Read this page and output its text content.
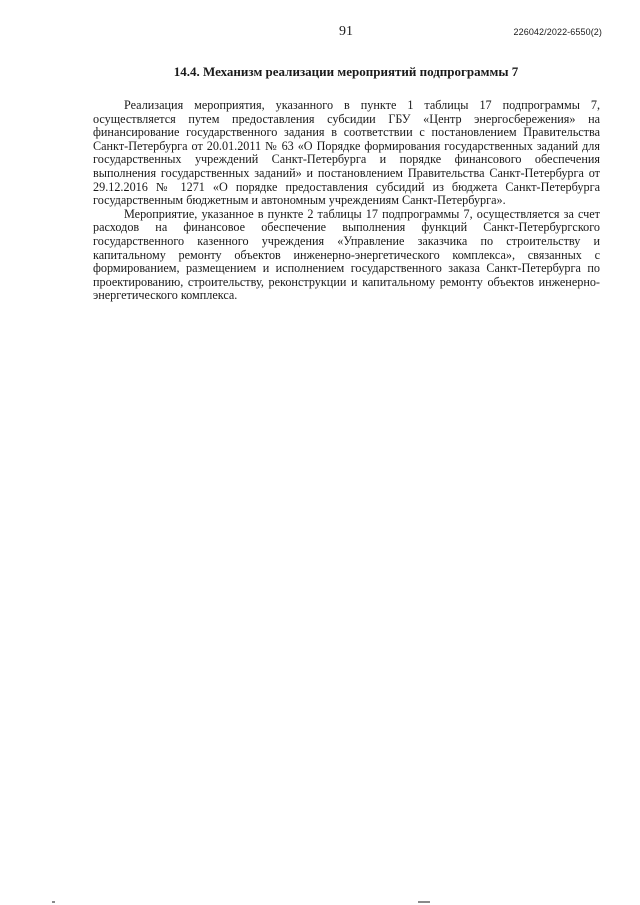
91	226042/2022-6550(2)
14.4. Механизм реализации мероприятий подпрограммы 7

Реализация мероприятия, указанного в пункте 1 таблицы 17 подпрограммы 7, осуществляется путем предоставления субсидии ГБУ «Центр энергосбережения» на финансирование государственного задания в соответствии с постановлением Правительства Санкт-Петербурга от 20.01.2011 № 63 «О Порядке формирования государственных заданий для государственных учреждений Санкт-Петербурга и порядке финансового обеспечения выполнения государственных заданий» и постановлением Правительства Санкт-Петербурга от 29.12.2016 № 1271 «О порядке предоставления субсидий из бюджета Санкт-Петербурга государственным бюджетным и автономным учреждениям Санкт-Петербурга».

Мероприятие, указанное в пункте 2 таблицы 17 подпрограммы 7, осуществляется за счет расходов на финансовое обеспечение выполнения функций Санкт-Петербургского государственного казенного учреждения «Управление заказчика по строительству и капитальному ремонту объектов инженерно-энергетического комплекса», связанных с формированием, размещением и исполнением государственного заказа Санкт-Петербурга по проектированию, строительству, реконструкции и капитальному ремонту объектов инженерно-энергетического комплекса.
